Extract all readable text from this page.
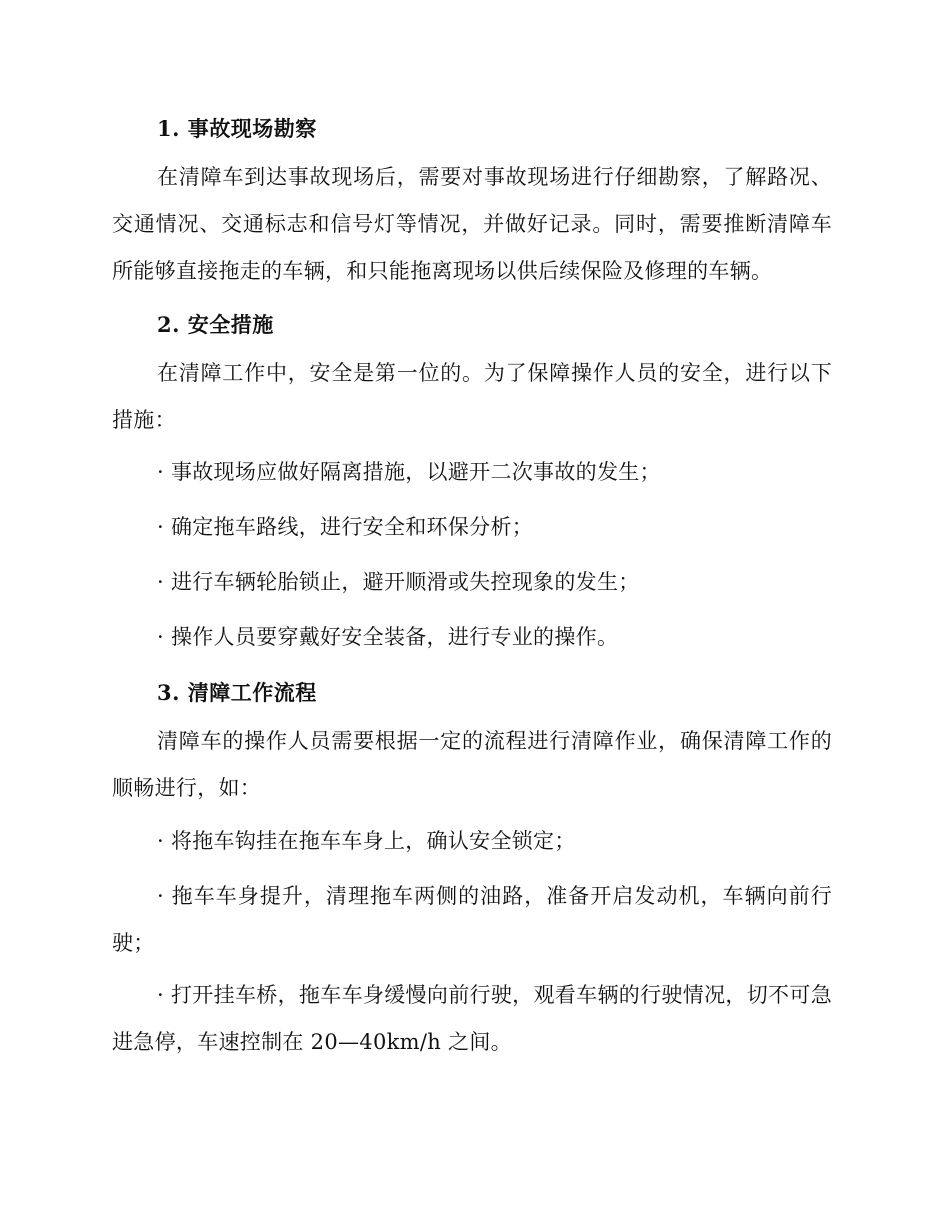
1. 事故现场勘察
在清障车到达事故现场后，需要对事故现场进行仔细勘察，了解路况、交通情况、交通标志和信号灯等情况，并做好记录。同时，需要推断清障车所能够直接拖走的车辆，和只能拖离现场以供后续保险及修理的车辆。
2. 安全措施
在清障工作中，安全是第一位的。为了保障操作人员的安全，进行以下措施：
· 事故现场应做好隔离措施，以避开二次事故的发生；
· 确定拖车路线，进行安全和环保分析；
· 进行车辆轮胎锁止，避开顺滑或失控现象的发生；
· 操作人员要穿戴好安全装备，进行专业的操作。
3. 清障工作流程
清障车的操作人员需要根据一定的流程进行清障作业，确保清障工作的顺畅进行，如：
· 将拖车钩挂在拖车车身上，确认安全锁定；
· 拖车车身提升，清理拖车两侧的油路，准备开启发动机，车辆向前行驶；
· 打开挂车桥，拖车车身缓慢向前行驶，观看车辆的行驶情况，切不可急进急停，车速控制在 20—40km/h 之间。
